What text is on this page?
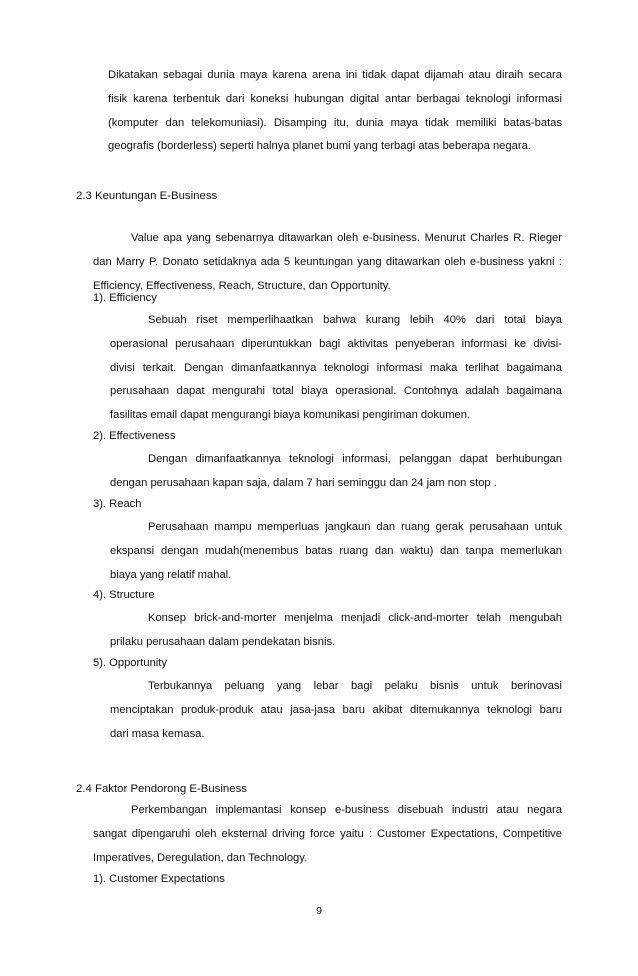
Dikatakan sebagai dunia maya karena arena ini tidak dapat dijamah atau diraih secara
fisik karena terbentuk dari koneksi hubungan digital antar berbagai teknologi informasi
(komputer dan telekomuniasi). Disamping itu, dunia maya tidak memiliki batas-batas
geografis (borderless) seperti halnya planet bumi yang terbagi atas beberapa negara.
2.3 Keuntungan E-Business
Value apa yang sebenarnya ditawarkan oleh e-business. Menurut Charles R. Rieger
dan Marry P. Donato setidaknya ada 5 keuntungan yang ditawarkan oleh e-business yakni :
Efficiency, Effectiveness, Reach, Structure, dan Opportunity.
1). Efficiency
Sebuah riset memperlihaatkan bahwa kurang lebih 40% dari total biaya
operasional perusahaan diperuntukkan bagi aktivitas penyeberan informasi ke divisi-
divisi terkait. Dengan dimanfaatkannya teknologi informasi maka terlihat bagaimana
perusahaan dapat mengurahi total biaya operasional. Contohnya adalah bagaimana
fasilitas email dapat mengurangi biaya komunikasi pengiriman dokumen.
2). Effectiveness
Dengan dimanfaatkannya teknologi informasi, pelanggan dapat berhubungan
dengan perusahaan kapan saja, dalam 7 hari seminggu dan 24 jam non stop .
3). Reach
Perusahaan mampu memperluas jangkaun dan ruang gerak perusahaan untuk
ekspansi dengan mudah(menembus batas ruang dan waktu) dan tanpa memerlukan
biaya yang relatif mahal.
4). Structure
Konsep brick-and-morter menjelma menjadi click-and-morter telah mengubah
prilaku perusahaan dalam pendekatan bisnis.
5). Opportunity
Terbukannya peluang yang lebar bagi pelaku bisnis untuk berinovasi
menciptakan produk-produk atau jasa-jasa baru akibat ditemukannya teknologi baru
dari masa kemasa.
2.4 Faktor Pendorong E-Business
Perkembangan implemantasi konsep e-business disebuah industri atau negara
sangat dipengaruhi oleh eksternal driving force yaitu : Customer Expectations, Competitive
Imperatives, Deregulation, dan Technology.
1). Customer Expectations
9
